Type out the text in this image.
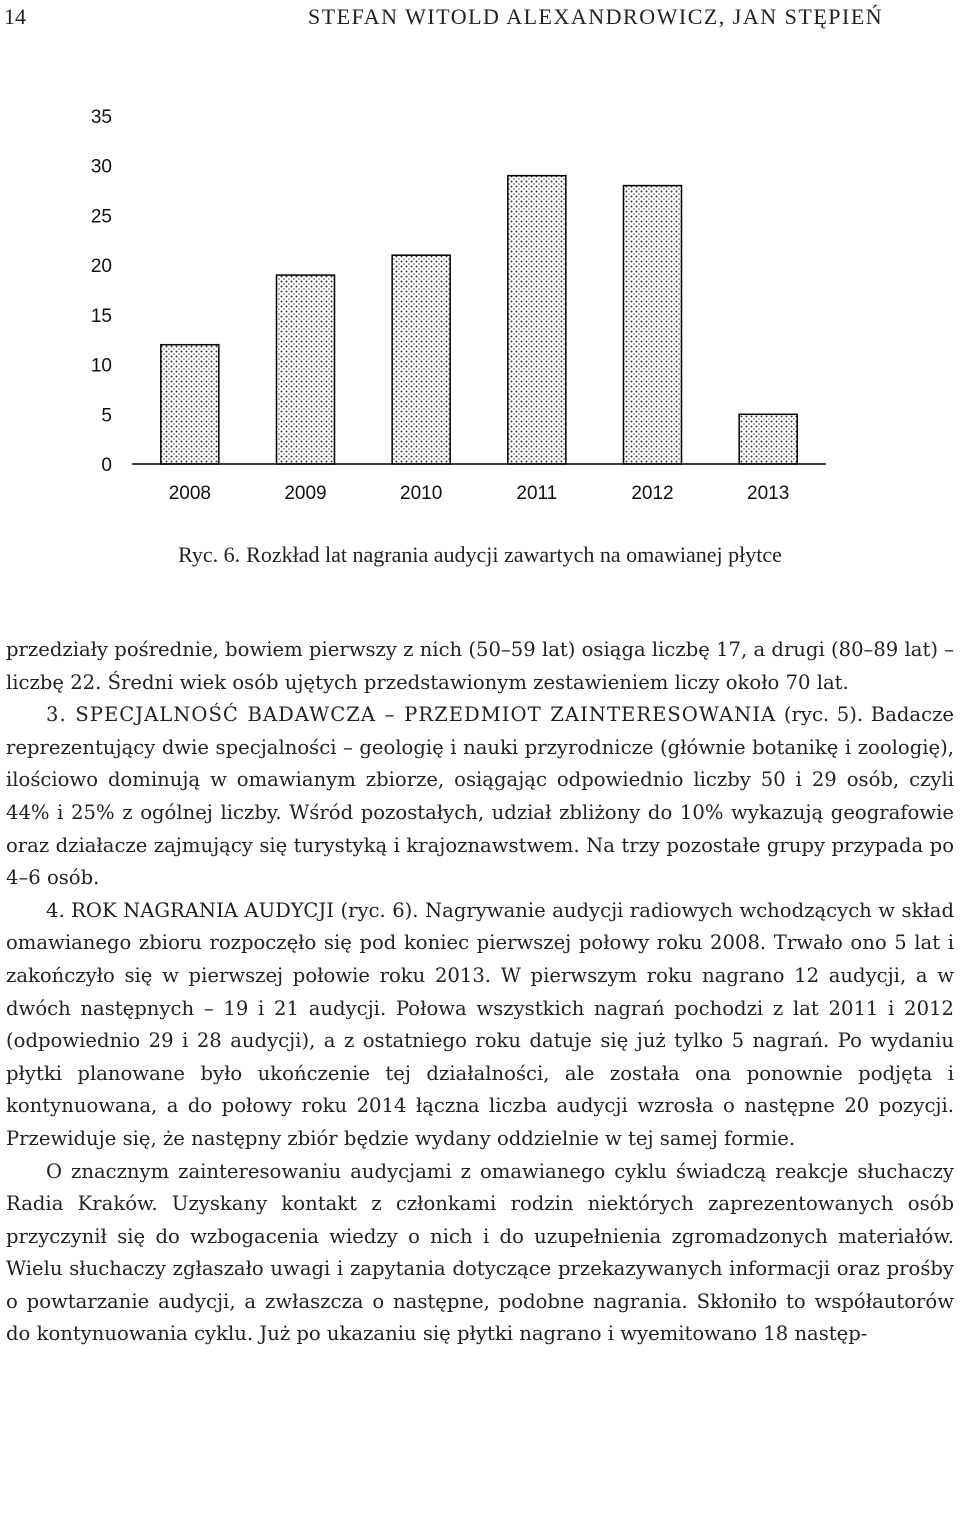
14	STEFAN WITOLD ALEXANDROWICZ, JAN STĘPIEŃ
0
5
10
15
20
25
30
35
2008	2009	2010	2011	2012	2013
Ryc. 6. Rozkład lat nagrania audycji zawartych na omawianej płytce

przedziały pośrednie, bowiem pierwszy z nich (50–59 lat) osiąga liczbę 17, a drugi (80–89 lat) – liczbę 22. Średni wiek osób ujętych przedstawionym zestawieniem liczy około 70 lat.

3. SPECJALNOŚĆ BADAWCZA – PRZEDMIOT ZAINTERESOWANIA (ryc. 5). Badacze reprezentujący dwie specjalności – geologię i nauki przyrodnicze (głównie botanikę i zoologię), ilościowo dominują w omawianym zbiorze, osiągając odpowiednio liczby 50 i 29 osób, czyli 44% i 25% z ogólnej liczby. Wśród pozostałych, udział zbliżony do 10% wykazują geografowie oraz działacze zajmujący się turystyką i krajoznawstwem. Na trzy pozostałe grupy przypada po 4–6 osób.

4. ROK NAGRANIA AUDYCJI (ryc. 6). Nagrywanie audycji radiowych wchodzących w skład omawianego zbioru rozpoczęło się pod koniec pierwszej połowy roku 2008. Trwało ono 5 lat i zakończyło się w pierwszej połowie roku 2013. W pierwszym roku nagrano 12 audycji, a w dwóch następnych – 19 i 21 audycji. Połowa wszystkich nagrań pochodzi z lat 2011 i 2012 (odpowiednio 29 i 28 audycji), a z ostatniego roku datuje się już tylko 5 nagrań. Po wydaniu płytki planowane było ukończenie tej działalności, ale została ona ponownie podjęta i kontynuowana, a do połowy roku 2014 łączna liczba audycji wzrosła o następne 20 pozycji. Przewiduje się, że następny zbiór będzie wydany oddzielnie w tej samej formie.

O znacznym zainteresowaniu audycjami z omawianego cyklu świadczą reakcje słuchaczy Radia Kraków. Uzyskany kontakt z członkami rodzin niektórych zaprezentowanych osób przyczynił się do wzbogacenia wiedzy o nich i do uzupełnienia zgromadzonych materiałów. Wielu słuchaczy zgłaszało uwagi i zapytania dotyczące przekazywanych informacji oraz prośby o powtarzanie audycji, a zwłaszcza o następne, podobne nagrania. Skłoniło to współautorów do kontynuowania cyklu. Już po ukazaniu się płytki nagrano i wyemitowano 18 następ-
